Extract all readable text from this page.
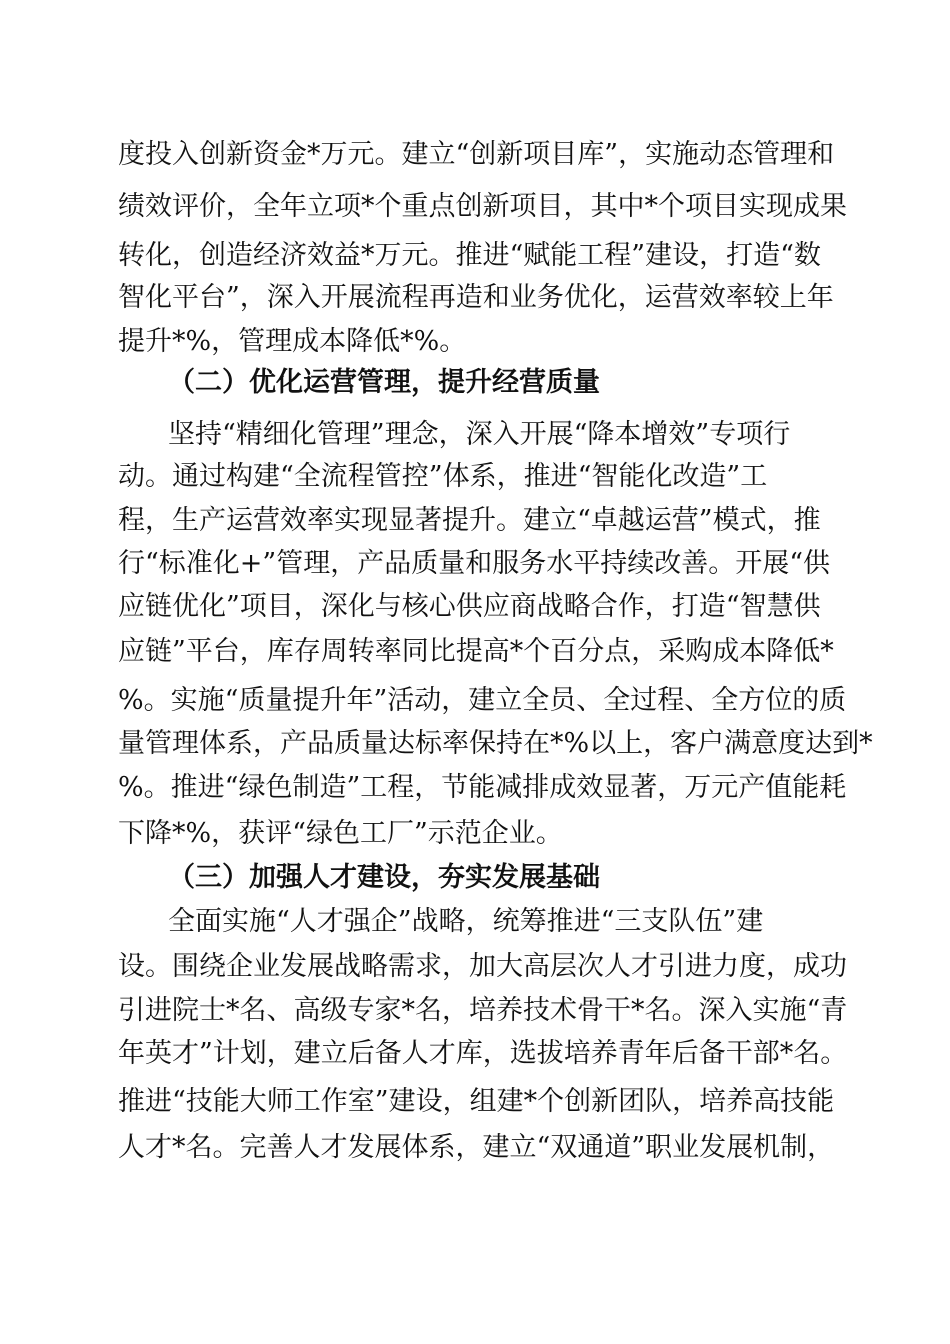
度投入创新资金*万元。建立“创新项目库”，实施动态管理和
绩效评价，全年立项*个重点创新项目，其中*个项目实现成果
转化，创造经济效益*万元。推进“赋能工程”建设，打造“数
智化平台”，深入开展流程再造和业务优化，运营效率较上年
提升*%，管理成本降低*%。
（二）优化运营管理，提升经营质量
坚持“精细化管理”理念，深入开展“降本增效”专项行
动。通过构建“全流程管控”体系，推进“智能化改造”工
程，生产运营效率实现显著提升。建立“卓越运营”模式，推
行“标准化+”管理，产品质量和服务水平持续改善。开展“供
应链优化”项目，深化与核心供应商战略合作，打造“智慧供
应链”平台，库存周转率同比提高*个百分点，采购成本降低*
%。实施“质量提升年”活动，建立全员、全过程、全方位的质
量管理体系，产品质量达标率保持在*%以上，客户满意度达到*
%。推进“绿色制造”工程，节能减排成效显著，万元产值能耗
下降*%，获评“绿色工厂”示范企业。
（三）加强人才建设，夯实发展基础
全面实施“人才强企”战略，统筹推进“三支队伍”建
设。围绕企业发展战略需求，加大高层次人才引进力度，成功
引进院士*名、高级专家*名，培养技术骨干*名。深入实施“青
年英才”计划，建立后备人才库，选拔培养青年后备干部*名。
推进“技能大师工作室”建设，组建*个创新团队，培养高技能
人才*名。完善人才发展体系，建立“双通道”职业发展机制，
